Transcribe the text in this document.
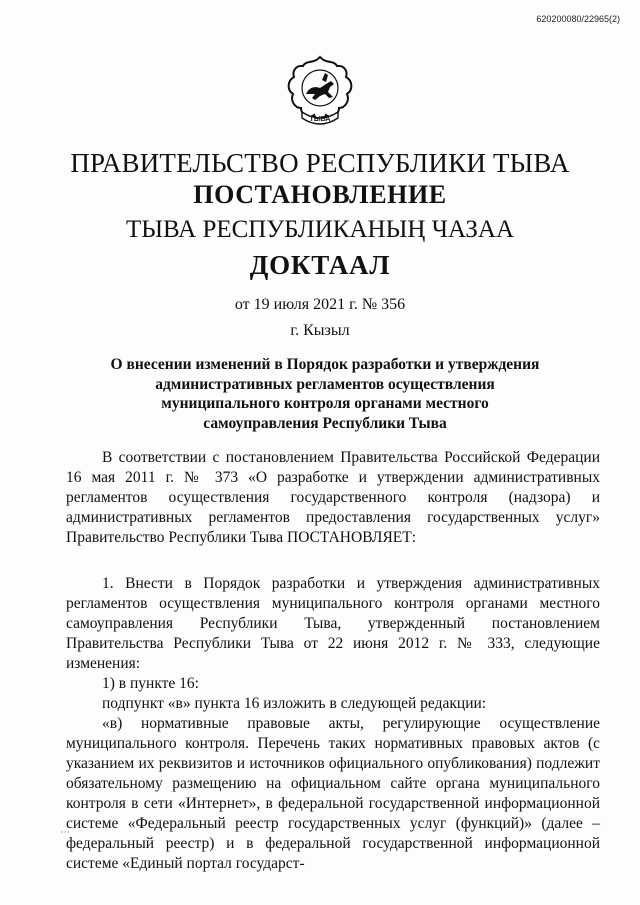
620200080/22965(2)
ТЫВА
ПРАВИТЕЛЬСТВО РЕСПУБЛИКИ ТЫВА
ПОСТАНОВЛЕНИЕ
ТЫВА РЕСПУБЛИКАНЫҢ ЧАЗАА
ДОКТААЛ
от 19 июля 2021 г. № 356
г. Кызыл
О внесении изменений в Порядок разработки и утверждения
административных регламентов осуществления
муниципального контроля органами местного
самоуправления Республики Тыва

В соответствии с постановлением Правительства Российской Федерации 16 мая 2011 г. № 373 «О разработке и утверждении административных регламентов осуществления государственного контроля (надзора) и административных регламентов предоставления государственных услуг» Правительство Республики Тыва ПОСТАНОВЛЯЕТ:

1. Внести в Порядок разработки и утверждения административных регламентов осуществления муниципального контроля органами местного самоуправления Республики Тыва, утвержденный постановлением Правительства Республики Тыва от 22 июня 2012 г. № 333, следующие изменения:

1) в пункте 16:

подпункт «в» пункта 16 изложить в следующей редакции:

«в) нормативные правовые акты, регулирующие осуществление муниципального контроля. Перечень таких нормативных правовых актов (с указанием их реквизитов и источников официального опубликования) подлежит обязательному размещению на официальном сайте органа муниципального контроля в сети «Интернет», в федеральной государственной информационной системе «Федеральный реестр государственных услуг (функций)» (далее – федеральный реестр) и в федеральной государственной информационной системе «Единый портал государст-

⋯
